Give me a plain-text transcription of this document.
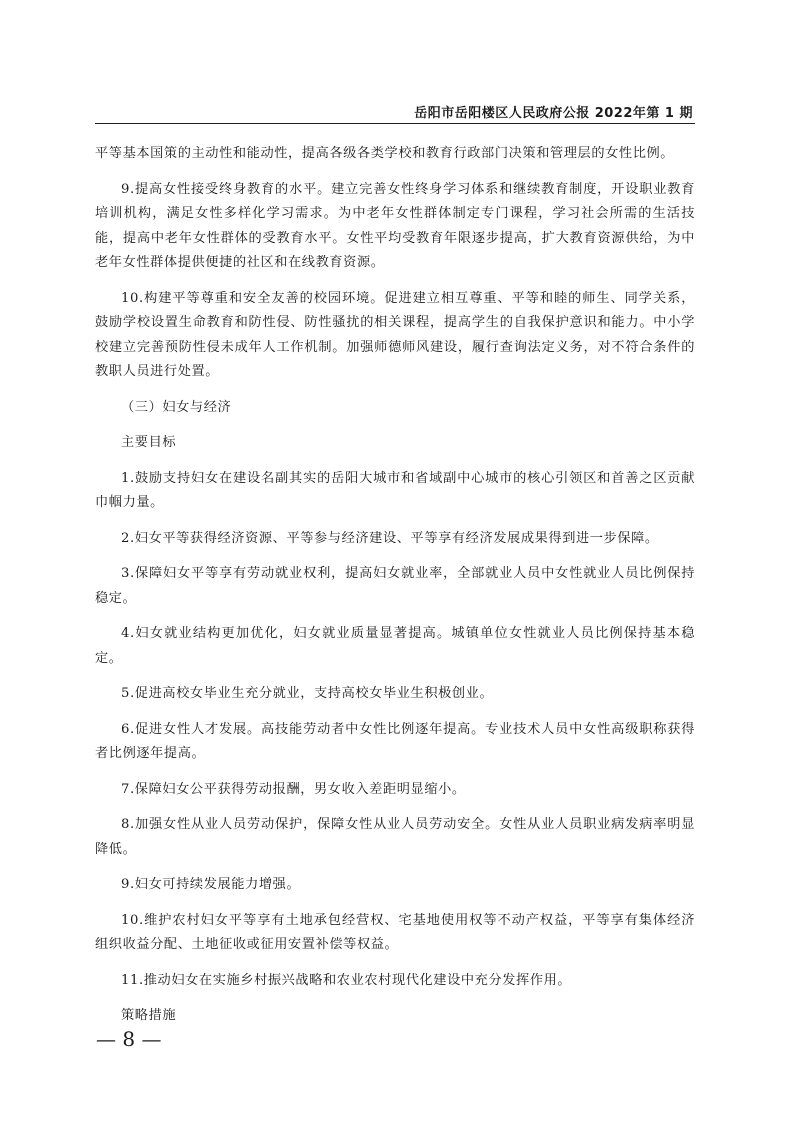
岳阳市岳阳楼区人民政府公报 2022年第 1 期

平等基本国策的主动性和能动性，提高各级各类学校和教育行政部门决策和管理层的女性比例。

9.提高女性接受终身教育的水平。建立完善女性终身学习体系和继续教育制度，开设职业教育培训机构，满足女性多样化学习需求。为中老年女性群体制定专门课程，学习社会所需的生活技能，提高中老年女性群体的受教育水平。女性平均受教育年限逐步提高，扩大教育资源供给，为中老年女性群体提供便捷的社区和在线教育资源。

10.构建平等尊重和安全友善的校园环境。促进建立相互尊重、平等和睦的师生、同学关系，鼓励学校设置生命教育和防性侵、防性骚扰的相关课程，提高学生的自我保护意识和能力。中小学校建立完善预防性侵未成年人工作机制。加强师德师风建设，履行查询法定义务，对不符合条件的教职人员进行处置。

（三）妇女与经济

主要目标

1.鼓励支持妇女在建设名副其实的岳阳大城市和省域副中心城市的核心引领区和首善之区贡献巾帼力量。

2.妇女平等获得经济资源、平等参与经济建设、平等享有经济发展成果得到进一步保障。

3.保障妇女平等享有劳动就业权利，提高妇女就业率，全部就业人员中女性就业人员比例保持稳定。

4.妇女就业结构更加优化，妇女就业质量显著提高。城镇单位女性就业人员比例保持基本稳定。

5.促进高校女毕业生充分就业，支持高校女毕业生积极创业。

6.促进女性人才发展。高技能劳动者中女性比例逐年提高。专业技术人员中女性高级职称获得者比例逐年提高。

7.保障妇女公平获得劳动报酬，男女收入差距明显缩小。

8.加强女性从业人员劳动保护，保障女性从业人员劳动安全。女性从业人员职业病发病率明显降低。

9.妇女可持续发展能力增强。

10.维护农村妇女平等享有土地承包经营权、宅基地使用权等不动产权益，平等享有集体经济组织收益分配、土地征收或征用安置补偿等权益。

11.推动妇女在实施乡村振兴战略和农业农村现代化建设中充分发挥作用。

策略措施

— 8 —
